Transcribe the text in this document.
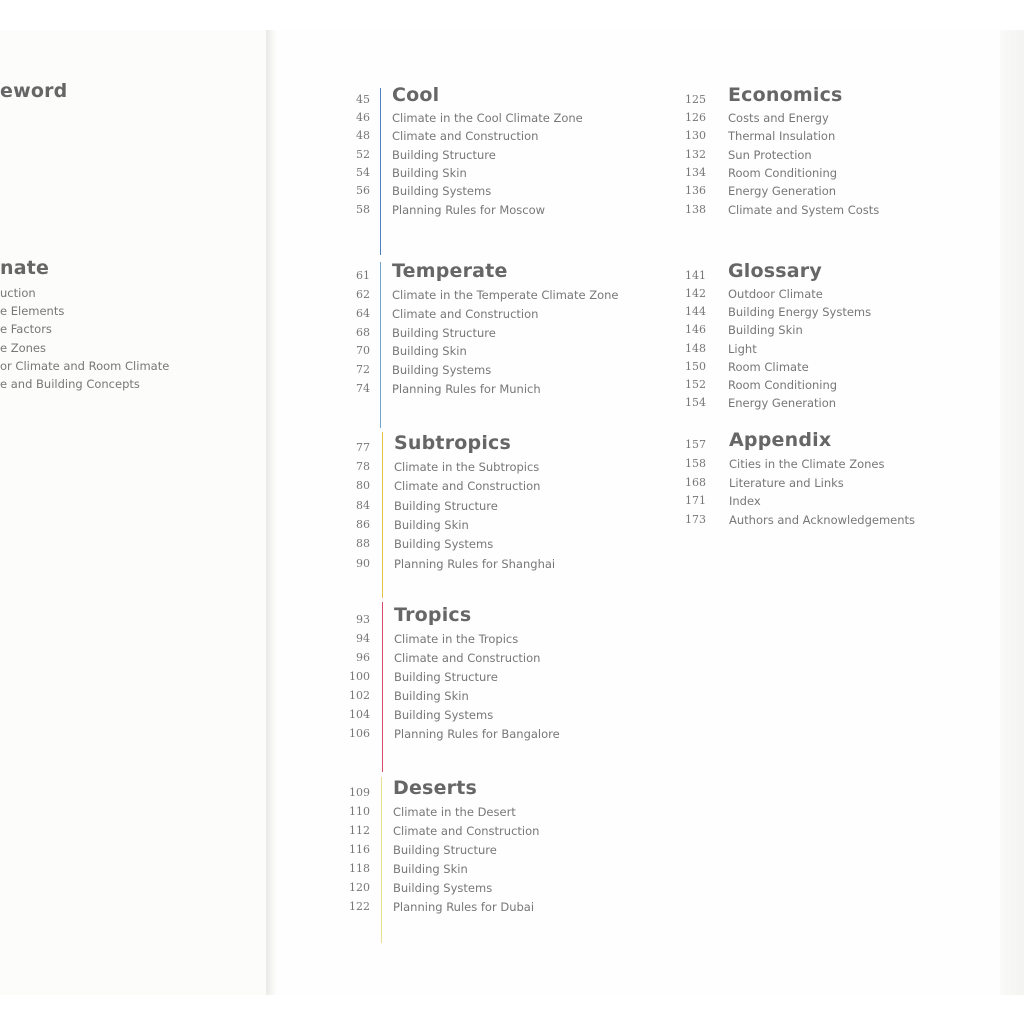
eword
nate
uction
e Elements
e Factors
e Zones
or Climate and Room Climate
e and Building Concepts
45 Cool
46 Climate in the Cool Climate Zone
48 Climate and Construction
52 Building Structure
54 Building Skin
56 Building Systems
58 Planning Rules for Moscow
61 Temperate
62 Climate in the Temperate Climate Zone
64 Climate and Construction
68 Building Structure
70 Building Skin
72 Building Systems
74 Planning Rules for Munich
77 Subtropics
78 Climate in the Subtropics
80 Climate and Construction
84 Building Structure
86 Building Skin
88 Building Systems
90 Planning Rules for Shanghai
93 Tropics
94 Climate in the Tropics
96 Climate and Construction
100 Building Structure
102 Building Skin
104 Building Systems
106 Planning Rules for Bangalore
109 Deserts
110 Climate in the Desert
112 Climate and Construction
116 Building Structure
118 Building Skin
120 Building Systems
122 Planning Rules for Dubai
125 Economics
126 Costs and Energy
130 Thermal Insulation
132 Sun Protection
134 Room Conditioning
136 Energy Generation
138 Climate and System Costs
141 Glossary
142 Outdoor Climate
144 Building Energy Systems
146 Building Skin
148 Light
150 Room Climate
152 Room Conditioning
154 Energy Generation
157 Appendix
158 Cities in the Climate Zones
168 Literature and Links
171 Index
173 Authors and Acknowledgements
